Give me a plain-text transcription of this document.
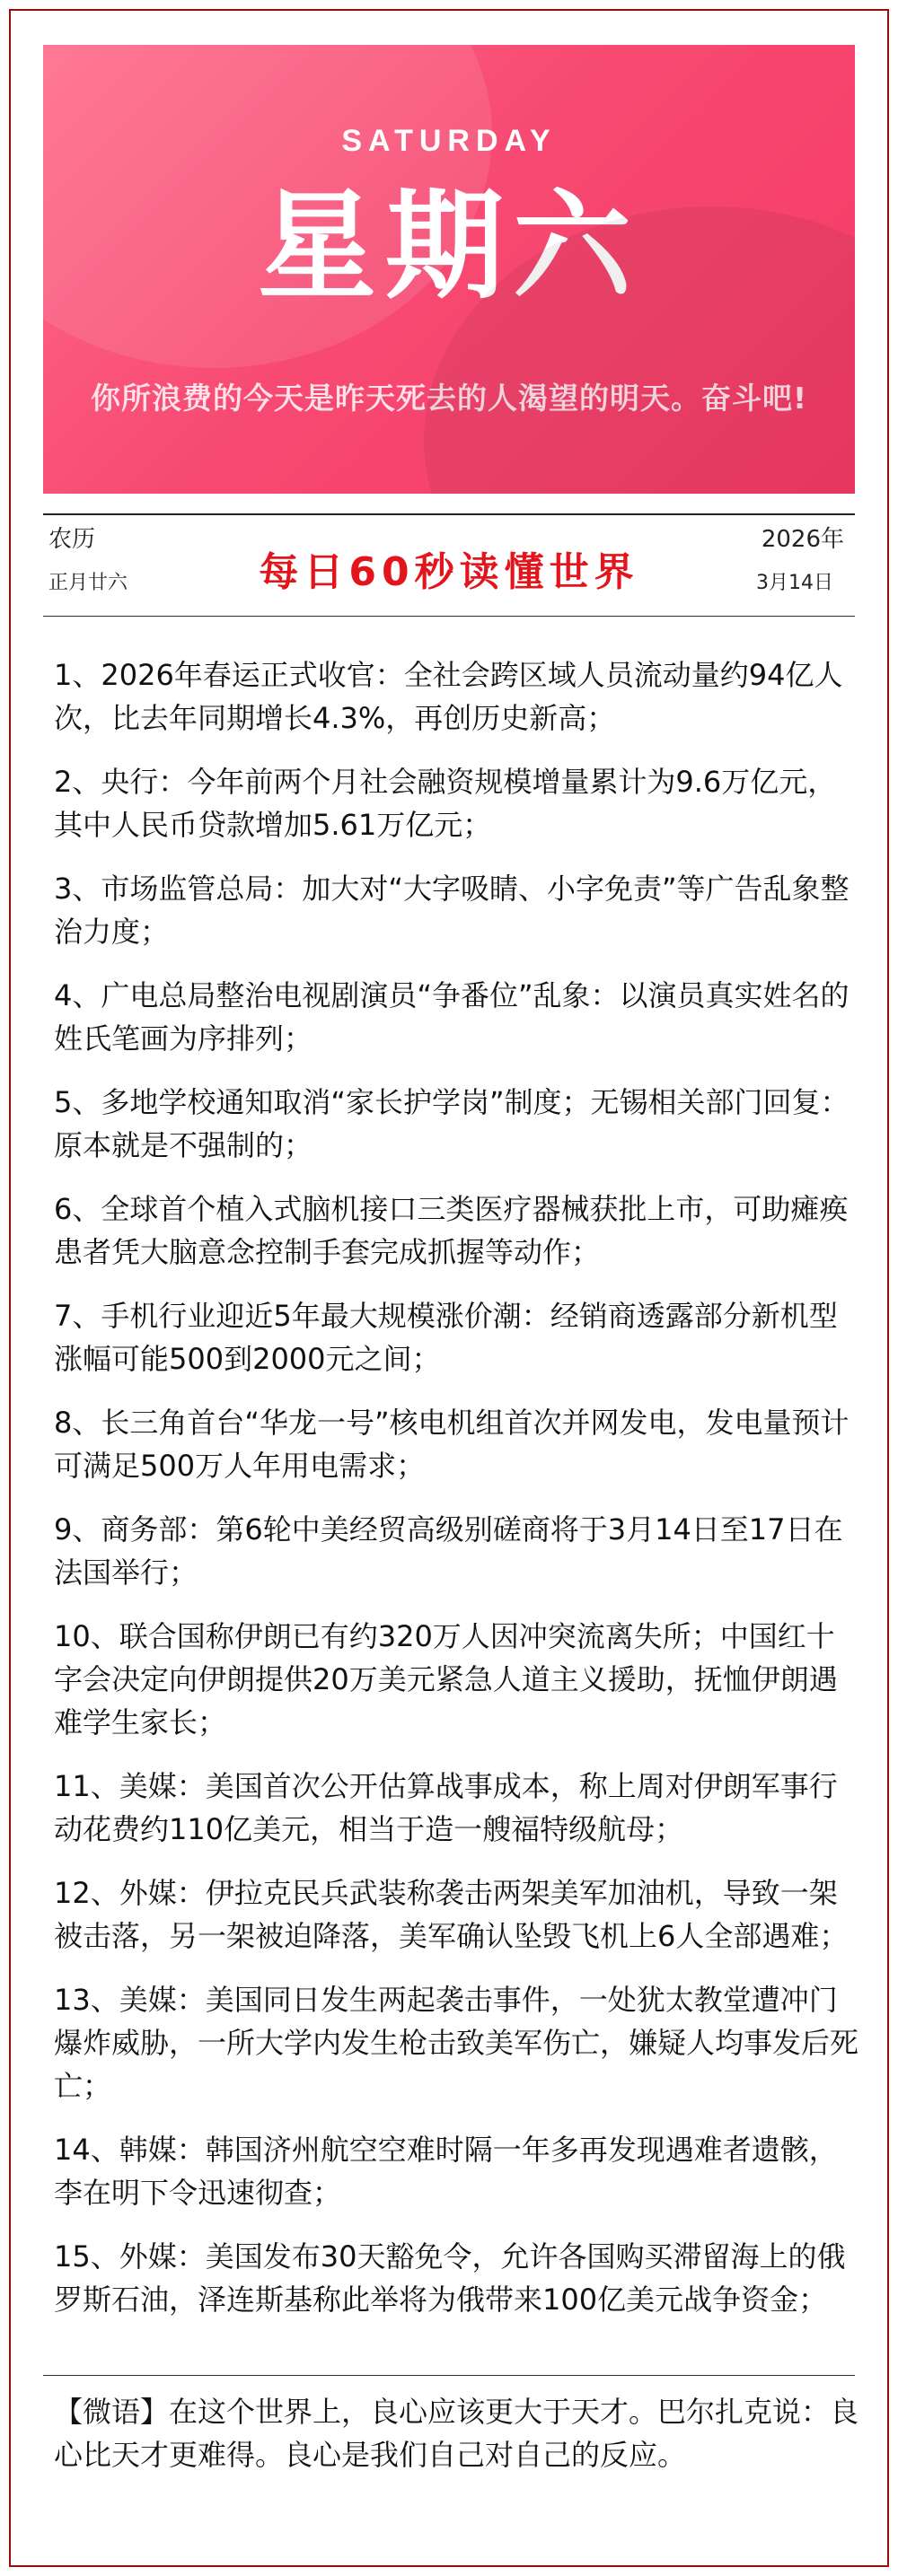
SATURDAY
星期六
你所浪费的今天是昨天死去的人渴望的明天。奋斗吧!
农历
正月廿六	每日60秒读懂世界
2026年
3月14日
1、2026年春运正式收官：全社会跨区域人员流动量约94亿人次，比去年同期增长4.3%，再创历史新高；
2、央行：今年前两个月社会融资规模增量累计为9.6万亿元，其中人民币贷款增加5.61万亿元；
3、市场监管总局：加大对“大字吸睛、小字免责”等广告乱象整治力度；
4、广电总局整治电视剧演员“争番位”乱象：以演员真实姓名的姓氏笔画为序排列；
5、多地学校通知取消“家长护学岗”制度；无锡相关部门回复：原本就是不强制的；
6、全球首个植入式脑机接口三类医疗器械获批上市，可助瘫痪患者凭大脑意念控制手套完成抓握等动作；
7、手机行业迎近5年最大规模涨价潮：经销商透露部分新机型涨幅可能500到2000元之间；
8、长三角首台“华龙一号”核电机组首次并网发电，发电量预计可满足500万人年用电需求；
9、商务部：第6轮中美经贸高级别磋商将于3月14日至17日在法国举行；
10、联合国称伊朗已有约320万人因冲突流离失所；中国红十字会决定向伊朗提供20万美元紧急人道主义援助，抚恤伊朗遇难学生家长；
11、美媒：美国首次公开估算战事成本，称上周对伊朗军事行动花费约110亿美元，相当于造一艘福特级航母；
12、外媒：伊拉克民兵武装称袭击两架美军加油机，导致一架被击落，另一架被迫降落，美军确认坠毁飞机上6人全部遇难；
13、美媒：美国同日发生两起袭击事件，一处犹太教堂遭冲门爆炸威胁，一所大学内发生枪击致美军伤亡，嫌疑人均事发后死亡；
14、韩媒：韩国济州航空空难时隔一年多再发现遇难者遗骸，李在明下令迅速彻查；
15、外媒：美国发布30天豁免令，允许各国购买滞留海上的俄罗斯石油，泽连斯基称此举将为俄带来100亿美元战争资金；
【微语】在这个世界上，良心应该更大于天才。巴尔扎克说：良心比天才更难得。良心是我们自己对自己的反应。
